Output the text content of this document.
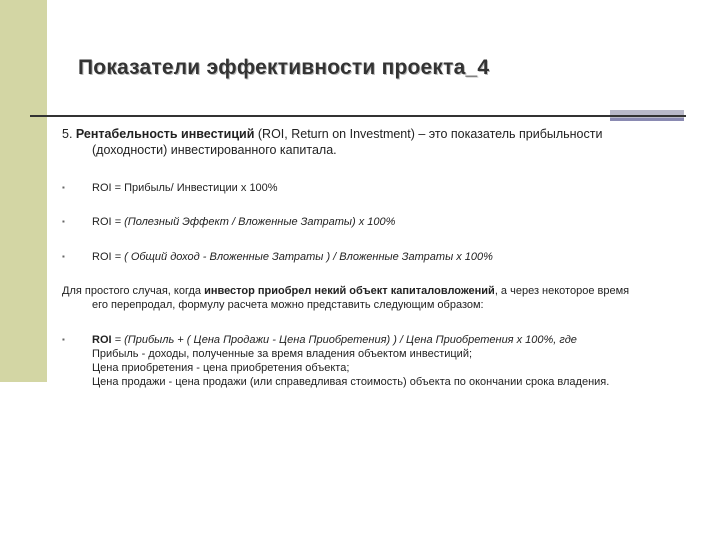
Показатели эффективности проекта_4
5. Рентабельность инвестиций (ROI, Return on Investment) – это показатель прибыльности
(доходности) инвестированного капитала.
▪ ROI = Прибыль/ Инвестиции х 100%
▪ ROI = (Полезный Эффект / Вложенные Затраты) х 100%
▪ ROI = ( Общий доход - Вложенные Затраты ) / Вложенные Затраты х 100%
Для простого случая, когда инвестор приобрел некий объект капиталовложений, а через некоторое время
его перепродал, формулу расчета можно представить следующим образом:
▪ ROI = (Прибыль + ( Цена Продажи - Цена Приобретения) ) / Цена Приобретения х 100%, где
Прибыль - доходы, полученные за время владения объектом инвестиций;
Цена приобретения - цена приобретения объекта;
Цена продажи - цена продажи (или справедливая стоимость) объекта по окончании срока владения.
